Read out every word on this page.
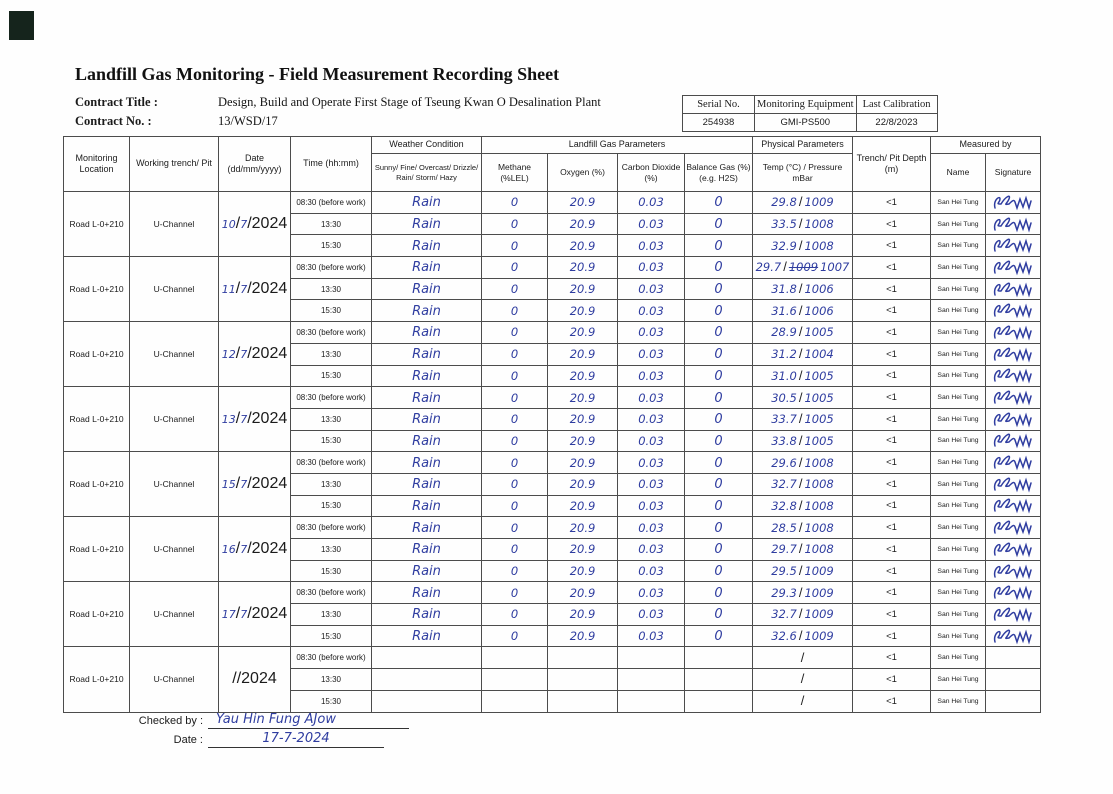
Landfill Gas Monitoring - Field Measurement Recording Sheet
Contract Title :	Design, Build and Operate First Stage of Tseung Kwan O Desalination Plant
Contract No. :	13/WSD/17
Serial No.	Monitoring Equipment	Last Calibration
254938	GMI-PS500	22/8/2023
Monitoring Location	Working trench/ Pit	Date (dd/mm/yyyy)	Time (hh:mm)	Weather Condition	Landfill Gas Parameters				Physical Parameters	Trench/ Pit Depth (m)	Measured by	
				Sunny/ Fine/ Overcast/ Drizzle/ Rain/ Storm/ Hazy	Methane (%LEL)	Oxygen (%)	Carbon Dioxide (%)	Balance Gas (%) (e.g. H2S)	Temp (°C) / Pressure mBar		Name	Signature
Road L-0+210	U-Channel	10/7/2024	08:30 (before work)	Rain	0	20.9	0.03	0	29.8 / 1009	<1	San Hei Tung	

			13:30	Rain	0	20.9	0.03	0	33.5 / 1008	<1	San Hei Tung	

			15:30	Rain	0	20.9	0.03	0	32.9 / 1008	<1	San Hei Tung	

Road L-0+210	U-Channel	11/7/2024	08:30 (before work)	Rain	0	20.9	0.03	0	29.7 / 1009 1007	<1	San Hei Tung	

			13:30	Rain	0	20.9	0.03	0	31.8 / 1006	<1	San Hei Tung	

			15:30	Rain	0	20.9	0.03	0	31.6 / 1006	<1	San Hei Tung	

Road L-0+210	U-Channel	12/7/2024	08:30 (before work)	Rain	0	20.9	0.03	0	28.9 / 1005	<1	San Hei Tung	

			13:30	Rain	0	20.9	0.03	0	31.2 / 1004	<1	San Hei Tung	

			15:30	Rain	0	20.9	0.03	0	31.0 / 1005	<1	San Hei Tung	

Road L-0+210	U-Channel	13/7/2024	08:30 (before work)	Rain	0	20.9	0.03	0	30.5 / 1005	<1	San Hei Tung	

			13:30	Rain	0	20.9	0.03	0	33.7 / 1005	<1	San Hei Tung	

			15:30	Rain	0	20.9	0.03	0	33.8 / 1005	<1	San Hei Tung	

Road L-0+210	U-Channel	15/7/2024	08:30 (before work)	Rain	0	20.9	0.03	0	29.6 / 1008	<1	San Hei Tung	

			13:30	Rain	0	20.9	0.03	0	32.7 / 1008	<1	San Hei Tung	

			15:30	Rain	0	20.9	0.03	0	32.8 / 1008	<1	San Hei Tung	

Road L-0+210	U-Channel	16/7/2024	08:30 (before work)	Rain	0	20.9	0.03	0	28.5 / 1008	<1	San Hei Tung	

			13:30	Rain	0	20.9	0.03	0	29.7 / 1008	<1	San Hei Tung	

			15:30	Rain	0	20.9	0.03	0	29.5 / 1009	<1	San Hei Tung	

Road L-0+210	U-Channel	17/7/2024	08:30 (before work)	Rain	0	20.9	0.03	0	29.3 / 1009	<1	San Hei Tung	

			13:30	Rain	0	20.9	0.03	0	32.7 / 1009	<1	San Hei Tung	

			15:30	Rain	0	20.9	0.03	0	32.6 / 1009	<1	San Hei Tung	

Road L-0+210	U-Channel	//2024	08:30 (before work)						/	<1	San Hei Tung	
			13:30						/	<1	San Hei Tung	
			15:30						/	<1	San Hei Tung	
Checked by :	Yau Hin Fung AJow
Date :	17-7-2024
